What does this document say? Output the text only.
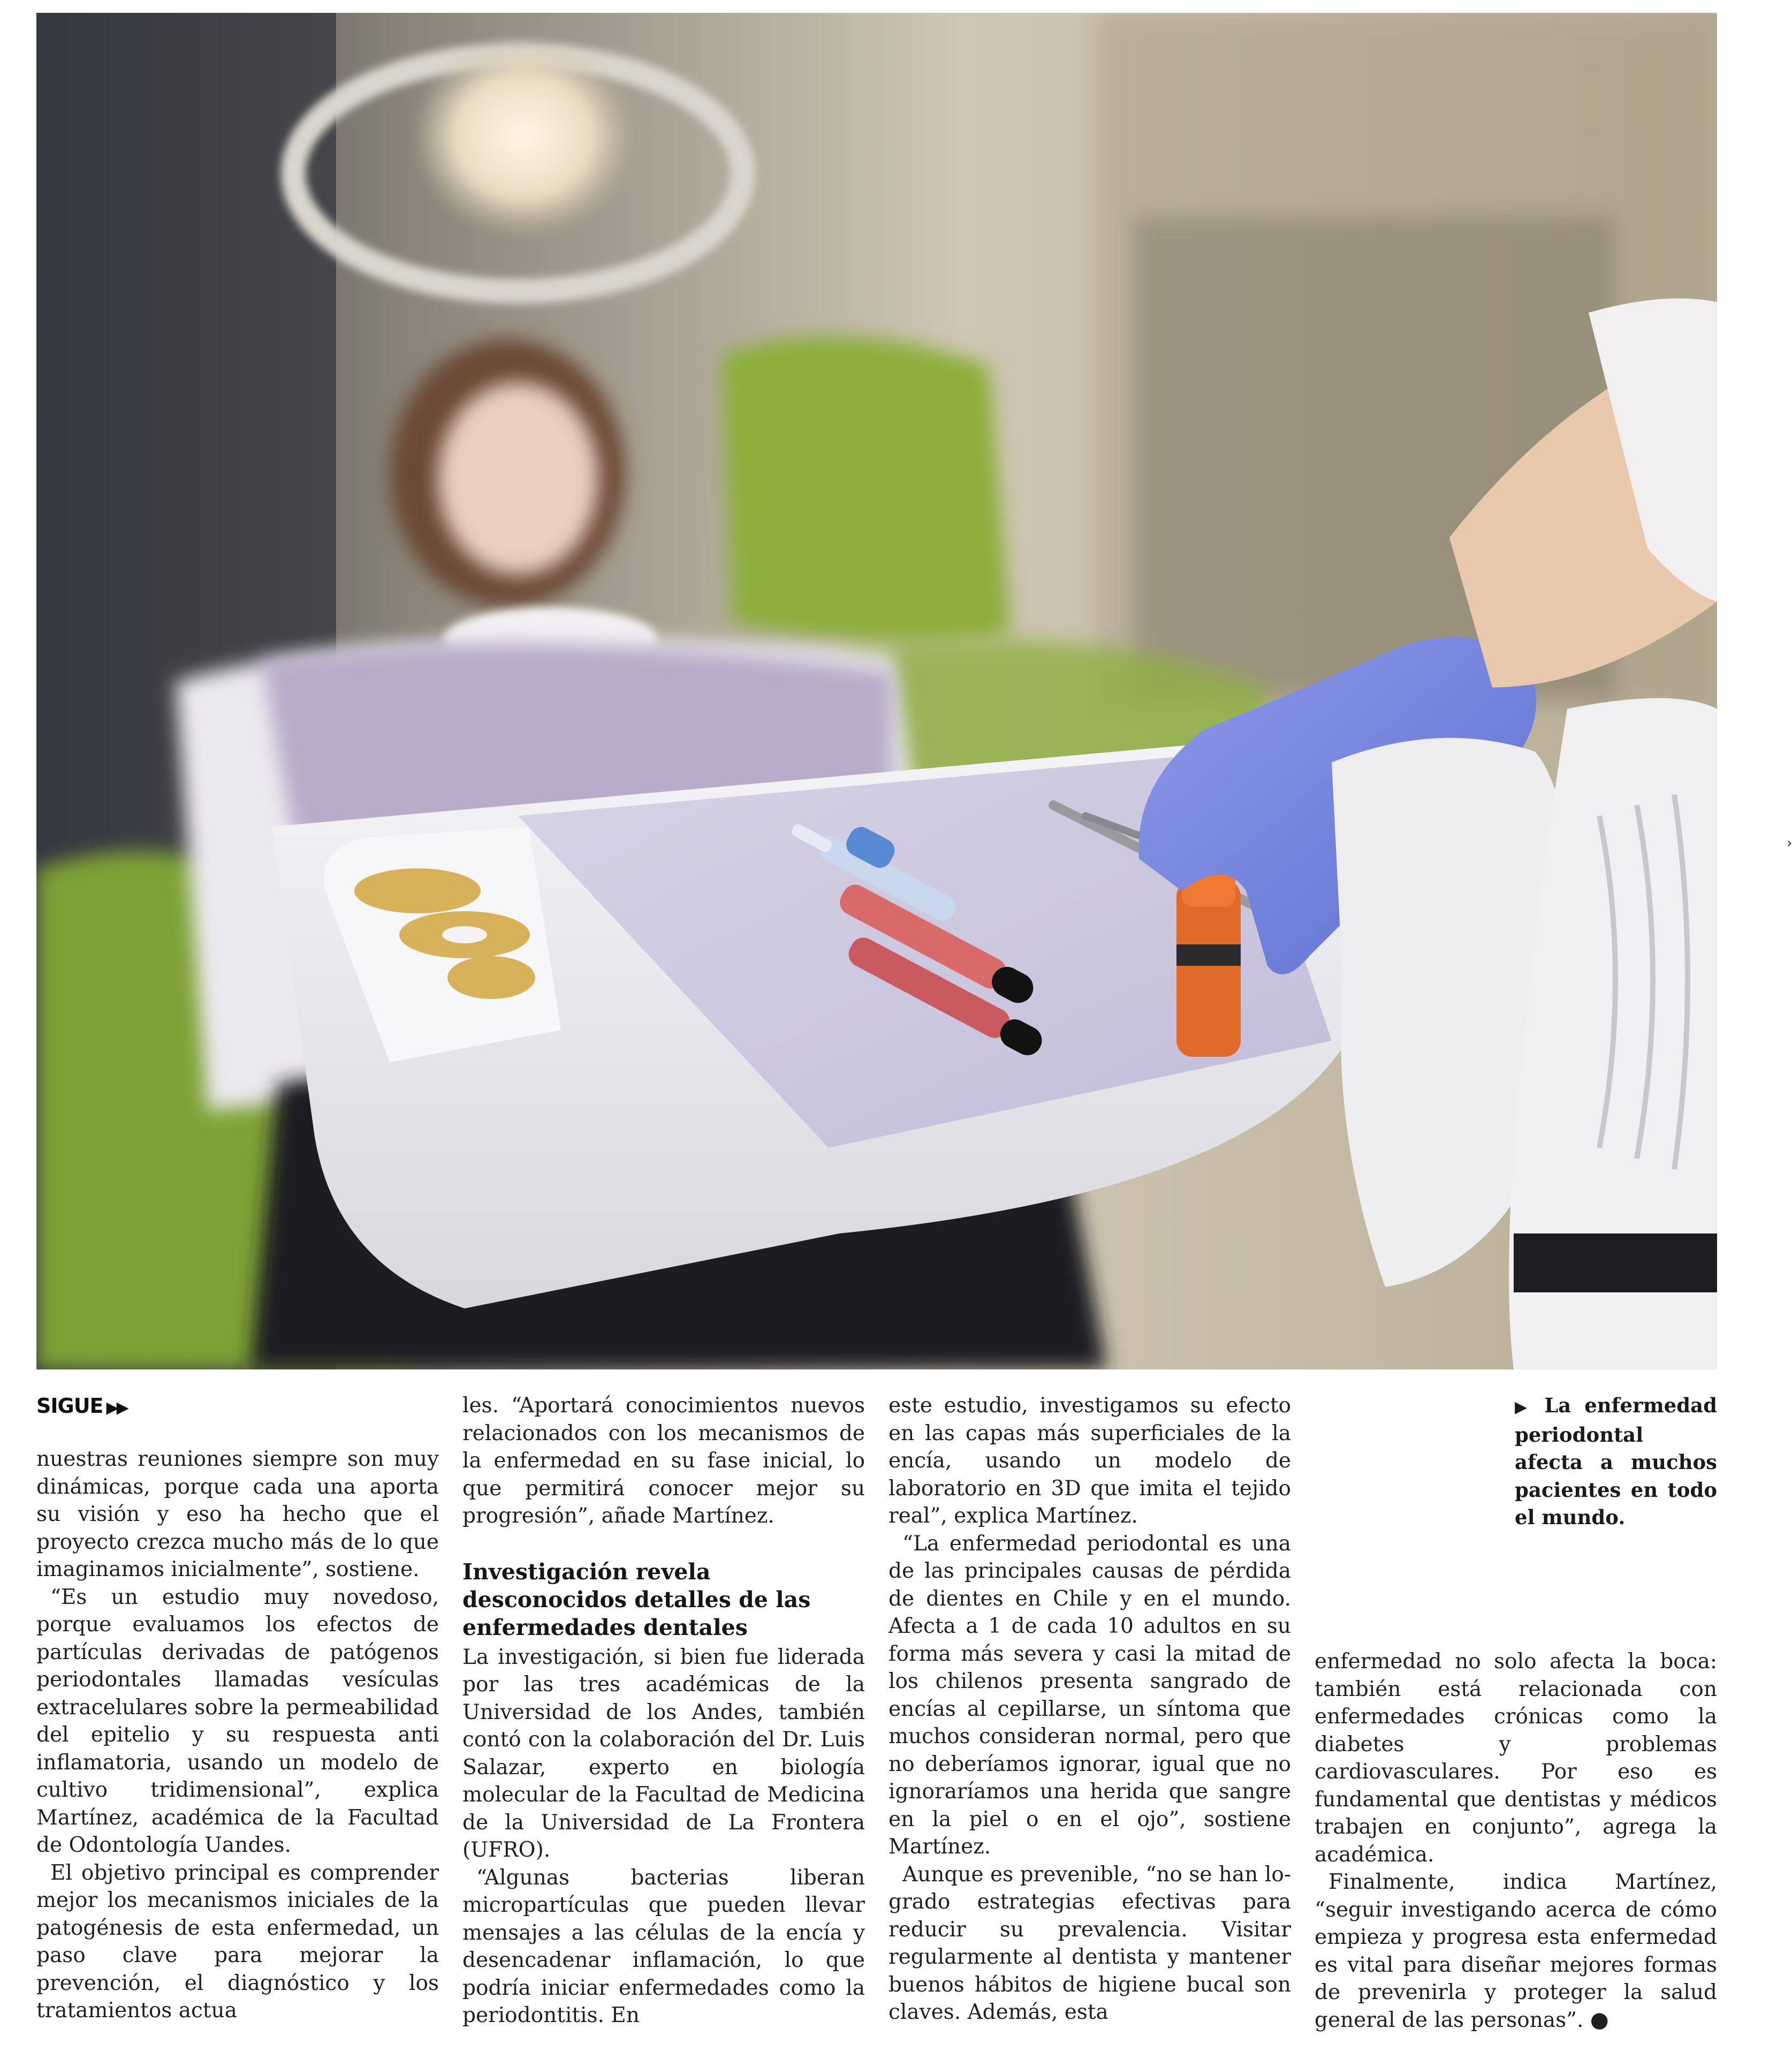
SIGUE ▶▶

nuestras reuniones siempre son muy dinámicas, porque cada una aporta su visión y eso ha hecho que el proyecto crezca mucho más de lo que imaginamos inicialmente”, sostiene.

“Es un estudio muy novedoso, porque evaluamos los efectos de partículas derivadas de patógenos periodontales llamadas vesículas extracelulares sobre la permeabilidad del epitelio y su respuesta anti inflamatoria, usando un modelo de cultivo tridimensional”, explica Martínez, académica de la Facultad de Odontología Uandes.

El objetivo principal es comprender mejor los mecanismos iniciales de la patogénesis de esta enfermedad, un paso clave para mejorar la prevención, el diagnóstico y los tratamientos actua

les. “Aportará conocimientos nuevos relacionados con los mecanismos de la enfermedad en su fase inicial, lo que permitirá conocer mejor su progresión”, añade Martínez.

Investigación revela desconocidos detalles de las enfermedades dentales

La investigación, si bien fue liderada por las tres académicas de la Universidad de los Andes, también contó con la colaboración del Dr. Luis Salazar, experto en biología molecular de la Facultad de Medicina de la Universidad de La Frontera (UFRO).

“Algunas bacterias liberan micropartículas que pueden llevar mensajes a las células de la encía y desencadenar inflamación, lo que podría iniciar enfermedades como la periodontitis. En

este estudio, investigamos su efecto en las capas más superficiales de la encía, usando un modelo de laboratorio en 3D que imita el tejido real”, explica Martínez.

“La enfermedad periodontal es una de las principales causas de pérdida de dientes en Chile y en el mundo. Afecta a 1 de cada 10 adultos en su forma más severa y casi la mitad de los chilenos presenta sangrado de encías al cepillarse, un síntoma que muchos consideran normal, pero que no deberíamos ignorar, igual que no ignoraríamos una herida que sangre en la piel o en el ojo”, sostiene Martínez.

Aunque es prevenible, “no se han logrado estrategias efectivas para reducir su prevalencia. Visitar regularmente al dentista y mantener buenos hábitos de higiene bucal son claves. Además, esta

▶ La enfermedad periodontal afecta a muchos pacientes en todo el mundo.

enfermedad no solo afecta la boca: también está relacionada con enfermedades crónicas como la diabetes y problemas cardiovasculares. Por eso es fundamental que dentistas y médicos trabajen en conjunto”, agrega la académica.

Finalmente, indica Martínez, “seguir investigando acerca de cómo empieza y progresa esta enfermedad es vital para diseñar mejores formas de prevenirla y proteger la salud general de las personas”. ●

›
